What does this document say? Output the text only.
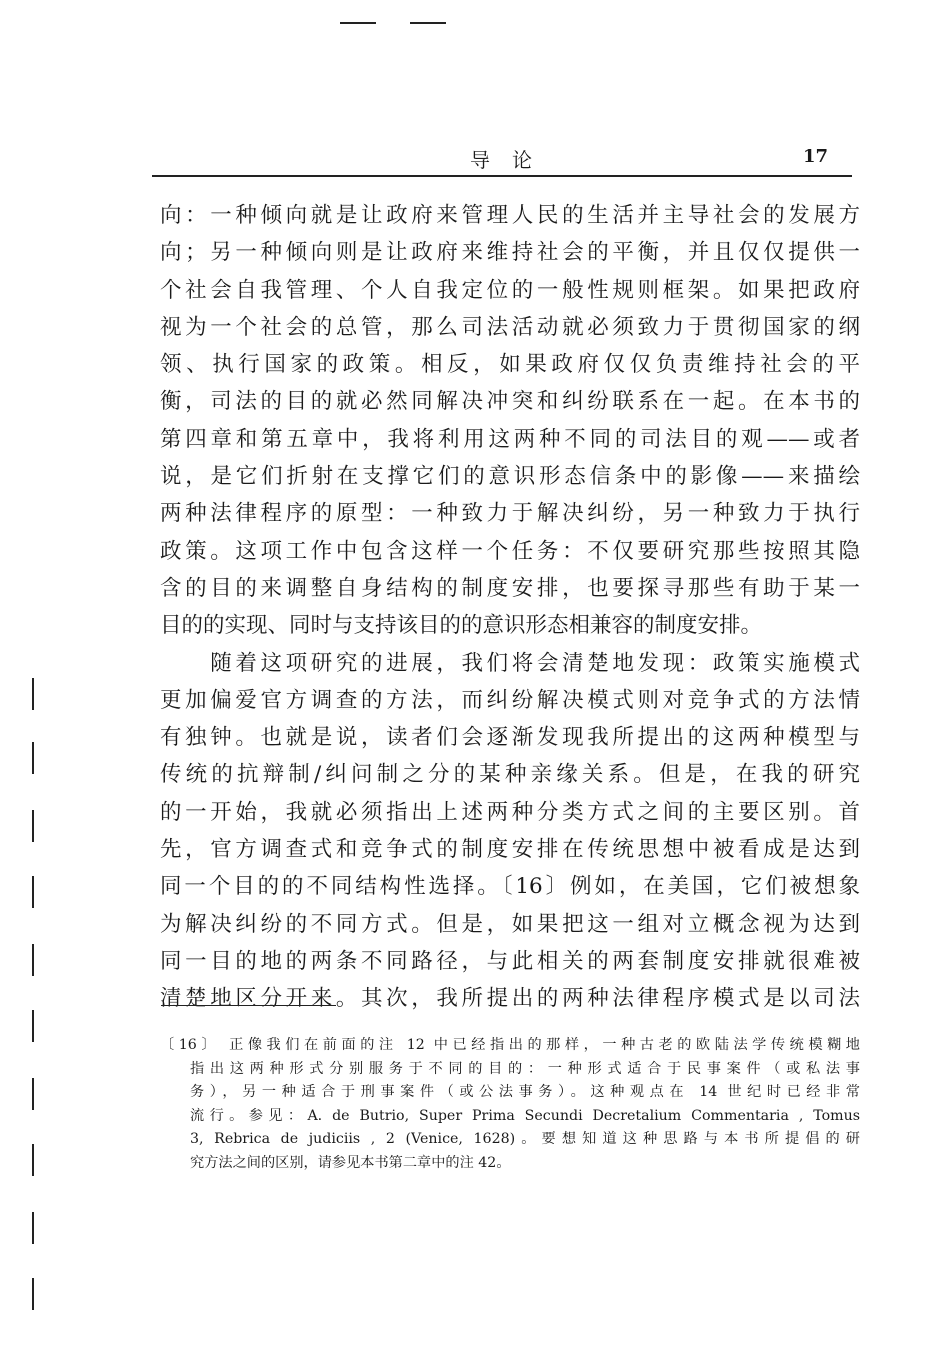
导论	17
向：一种倾向就是让政府来管理人民的生活并主导社会的发展方
向；另一种倾向则是让政府来维持社会的平衡，并且仅仅提供一
个社会自我管理、个人自我定位的一般性规则框架。如果把政府
视为一个社会的总管，那么司法活动就必须致力于贯彻国家的纲
领、执行国家的政策。相反，如果政府仅仅负责维持社会的平
衡，司法的目的就必然同解决冲突和纠纷联系在一起。在本书的
第四章和第五章中，我将利用这两种不同的司法目的观——或者
说，是它们折射在支撑它们的意识形态信条中的影像——来描绘
两种法律程序的原型：一种致力于解决纠纷，另一种致力于执行
政策。这项工作中包含这样一个任务：不仅要研究那些按照其隐
含的目的来调整自身结构的制度安排，也要探寻那些有助于某一
目的的实现、同时与支持该目的的意识形态相兼容的制度安排。
　　随着这项研究的进展，我们将会清楚地发现：政策实施模式
更加偏爱官方调查的方法，而纠纷解决模式则对竞争式的方法情
有独钟。也就是说，读者们会逐渐发现我所提出的这两种模型与
传统的抗辩制/纠问制之分的某种亲缘关系。但是，在我的研究
的一开始，我就必须指出上述两种分类方式之间的主要区别。首
先，官方调查式和竞争式的制度安排在传统思想中被看成是达到
同一个目的的不同结构性选择。〔16〕例如，在美国，它们被想象
为解决纠纷的不同方式。但是，如果把这一组对立概念视为达到
同一目的地的两条不同路径，与此相关的两套制度安排就很难被
清楚地区分开来。其次，我所提出的两种法律程序模式是以司法
〔16〕 正像我们在前面的注 12 中已经指出的那样，一种古老的欧陆法学传统模糊地
指出这两种形式分别服务于不同的目的：一种形式适合于民事案件（或私法事
务），另一种适合于刑事案件（或公法事务）。这种观点在 14 世纪时已经非常
流行。参见：A. de Butrio, Super Prima Secundi Decretalium Commentaria , Tomus
3, Rebrica de judiciis , 2 (Venice, 1628)。要想知道这种思路与本书所提倡的研
究方法之间的区别，请参见本书第二章中的注 42。
